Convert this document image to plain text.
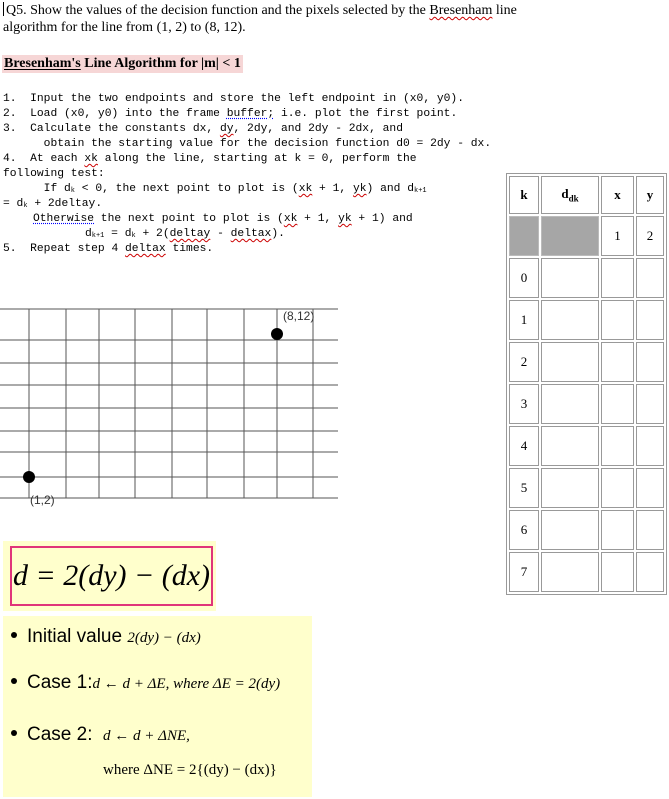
Q5. Show the values of the decision function and the pixels selected by the Bresenham line
algorithm for the line from (1, 2) to (8, 12).
Bresenham's Line Algorithm for |m| < 1
1.  Input the two endpoints and store the left endpoint in (x0, y0).
2.  Load (x0, y0) into the frame buffer; i.e. plot the first point.
3.  Calculate the constants dx, dy, 2dy, and 2dy - 2dx, and
obtain the starting value for the decision function d0 = 2dy - dx.
4.  At each xk along the line, starting at k = 0, perform the
following test:
If $d_k < 0$, the next point to plot is (xk + 1, yk) and $d_{k+1}$
= $d_k$ + 2deltay.
Otherwise the next point to plot is (xk + 1, yk + 1) and
$d_{k+1} = d_k$ + 2(deltay - deltax).
5.  Repeat step 4 deltax times.
k	$d_{dk}$	x	y
		1	2
0			
1			
2			
3			
4			
5			
6			
7			
(8,12)
(1,2)
d = 2(dy) − (dx)
Initial value 2(dy) − (dx)
Case 1:d ← d + ΔE, where ΔE = 2(dy)
Case 2: d ← d + ΔNE,
where ΔNE = 2{(dy) − (dx)}
